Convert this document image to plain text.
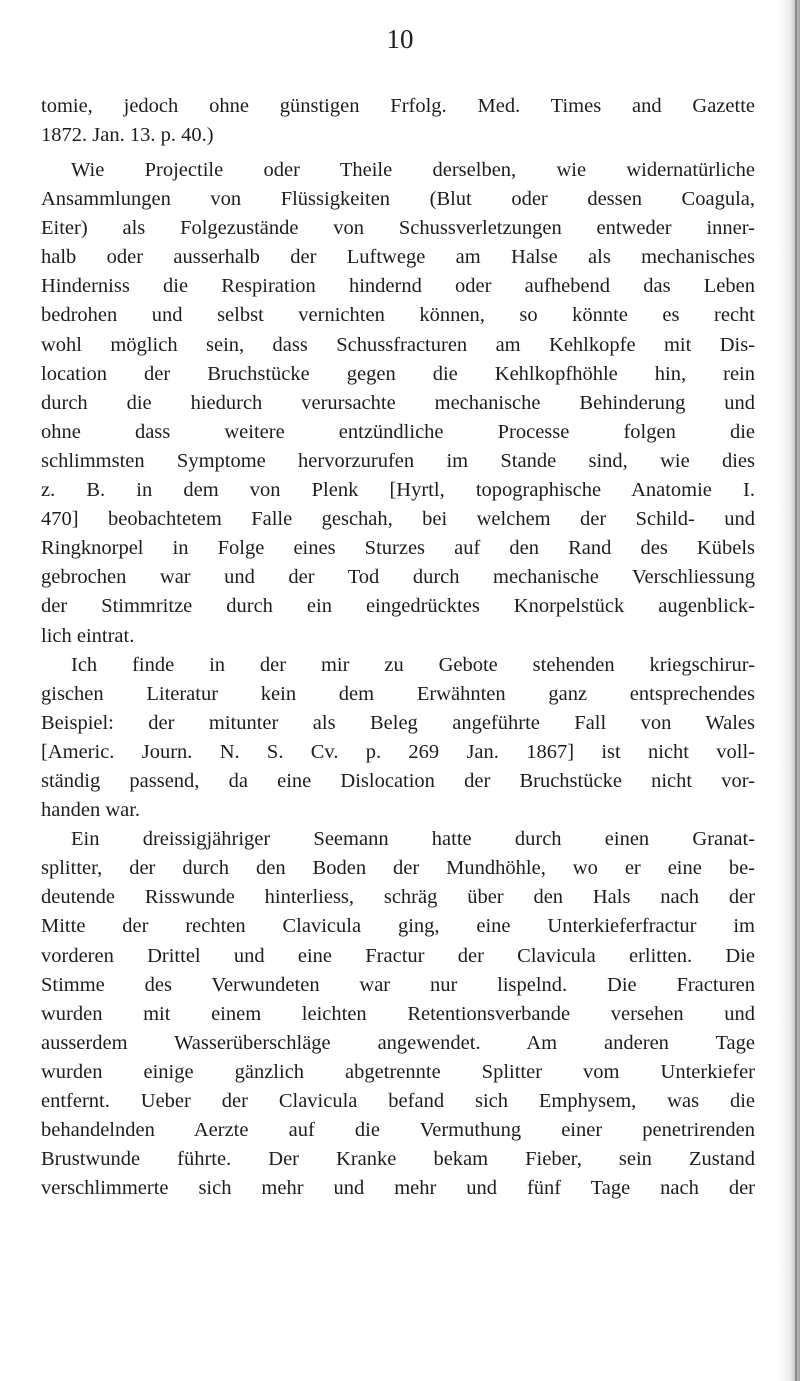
10
tomie, jedoch ohne günstigen Frfolg. Med. Times and Gazette
1872. Jan. 13. p. 40.)
Wie Projectile oder Theile derselben, wie widernatürliche
Ansammlungen von Flüssigkeiten (Blut oder dessen Coagula,
Eiter) als Folgezustände von Schussverletzungen entweder inner-
halb oder ausserhalb der Luftwege am Halse als mechanisches
Hinderniss die Respiration hindernd oder aufhebend das Leben
bedrohen und selbst vernichten können, so könnte es recht
wohl möglich sein, dass Schussfracturen am Kehlkopfe mit Dis-
location der Bruchstücke gegen die Kehlkopfhöhle hin, rein
durch die hiedurch verursachte mechanische Behinderung und
ohne dass weitere entzündliche Processe folgen die
schlimmsten Symptome hervorzurufen im Stande sind, wie dies
z. B. in dem von Plenk [Hyrtl, topographische Anatomie I.
470] beobachtetem Falle geschah, bei welchem der Schild- und
Ringknorpel in Folge eines Sturzes auf den Rand des Kübels
gebrochen war und der Tod durch mechanische Verschliessung
der Stimmritze durch ein eingedrücktes Knorpelstück augenblick-
lich eintrat.
Ich finde in der mir zu Gebote stehenden kriegschirur-
gischen Literatur kein dem Erwähnten ganz entsprechendes
Beispiel: der mitunter als Beleg angeführte Fall von Wales
[Americ. Journ. N. S. Cv. p. 269 Jan. 1867] ist nicht voll-
ständig passend, da eine Dislocation der Bruchstücke nicht vor-
handen war.
Ein dreissigjähriger Seemann hatte durch einen Granat-
splitter, der durch den Boden der Mundhöhle, wo er eine be-
deutende Risswunde hinterliess, schräg über den Hals nach der
Mitte der rechten Clavicula ging, eine Unterkieferfractur im
vorderen Drittel und eine Fractur der Clavicula erlitten. Die
Stimme des Verwundeten war nur lispelnd. Die Fracturen
wurden mit einem leichten Retentionsverbande versehen und
ausserdem Wasserüberschläge angewendet. Am anderen Tage
wurden einige gänzlich abgetrennte Splitter vom Unterkiefer
entfernt. Ueber der Clavicula befand sich Emphysem, was die
behandelnden Aerzte auf die Vermuthung einer penetrirenden
Brustwunde führte. Der Kranke bekam Fieber, sein Zustand
verschlimmerte sich mehr und mehr und fünf Tage nach der
